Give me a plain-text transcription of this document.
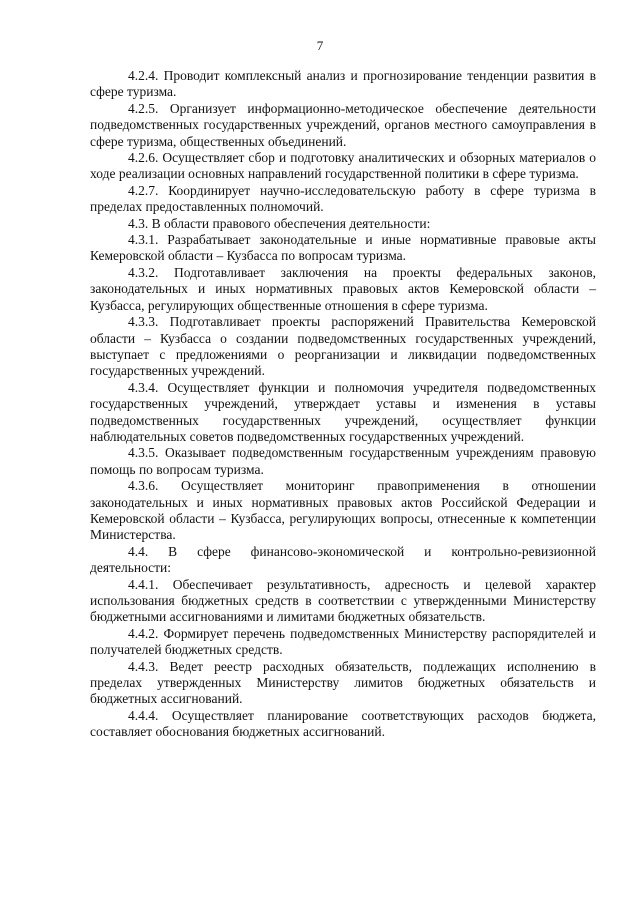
7

4.2.4. Проводит комплексный анализ и прогнозирование тенденции развития в сфере туризма.

4.2.5. Организует информационно-методическое обеспечение деятельности подведомственных государственных учреждений, органов местного самоуправления в сфере туризма, общественных объединений.

4.2.6. Осуществляет сбор и подготовку аналитических и обзорных материалов о ходе реализации основных направлений государственной политики в сфере туризма.

4.2.7. Координирует научно-исследовательскую работу в сфере туризма в пределах предоставленных полномочий.

4.3. В области правового обеспечения деятельности:

4.3.1. Разрабатывает законодательные и иные нормативные правовые акты Кемеровской области – Кузбасса по вопросам туризма.

4.3.2. Подготавливает заключения на проекты федеральных законов, законодательных и иных нормативных правовых актов Кемеровской области – Кузбасса, регулирующих общественные отношения в сфере туризма.

4.3.3. Подготавливает проекты распоряжений Правительства Кемеровской области – Кузбасса о создании подведомственных государственных учреждений, выступает с предложениями о реорганизации и ликвидации подведомственных государственных учреждений.

4.3.4. Осуществляет функции и полномочия учредителя подведомственных государственных учреждений, утверждает уставы и изменения в уставы подведомственных государственных учреждений, осуществляет функции наблюдательных советов подведомственных государственных учреждений.

4.3.5. Оказывает подведомственным государственным учреждениям правовую помощь по вопросам туризма.

4.3.6. Осуществляет мониторинг правоприменения в отношении законодательных и иных нормативных правовых актов Российской Федерации и Кемеровской области – Кузбасса, регулирующих вопросы, отнесенные к компетенции Министерства.

4.4. В сфере финансово-экономической и контрольно-ревизионной деятельности:

4.4.1. Обеспечивает результативность, адресность и целевой характер использования бюджетных средств в соответствии с утвержденными Министерству бюджетными ассигнованиями и лимитами бюджетных обязательств.

4.4.2. Формирует перечень подведомственных Министерству распорядителей и получателей бюджетных средств.

4.4.3. Ведет реестр расходных обязательств, подлежащих исполнению в пределах утвержденных Министерству лимитов бюджетных обязательств и бюджетных ассигнований.

4.4.4. Осуществляет планирование соответствующих расходов бюджета, составляет обоснования бюджетных ассигнований.
